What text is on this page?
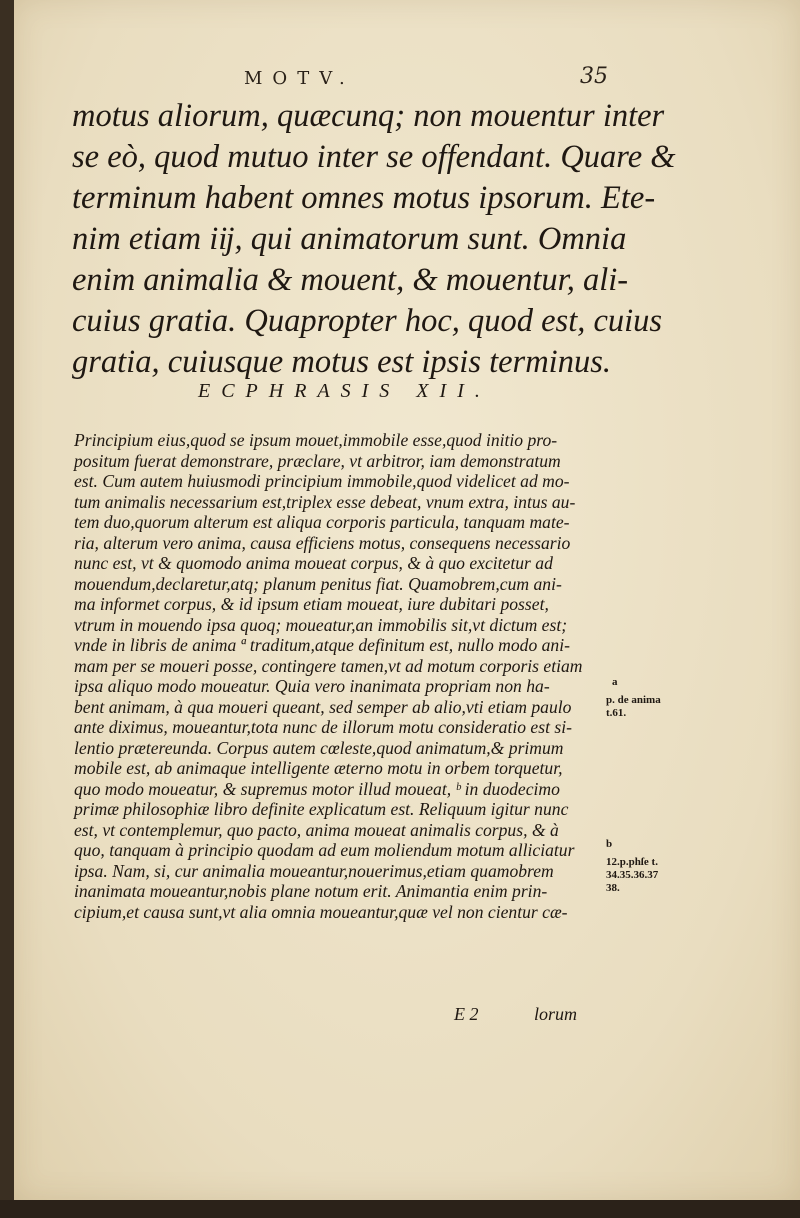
MOTV.	35
motus aliorum, quæcunq; non mouentur inter
se eò, quod mutuo inter se offendant. Quare &
terminum habent omnes motus ipsorum. Ete-
nim etiam iĳ, qui animatorum sunt. Omnia
enim animalia & mouent, & mouentur, ali-
cuius gratia. Quapropter hoc, quod est, cuius
gratia, cuiusque motus est ipsis terminus.
ECPHRASIS XII.
Principium eius,quod se ipsum mouet,immobile esse,quod initio pro-
positum fuerat demonstrare, præclare, vt arbitror, iam demonstratum
est. Cum autem huiusmodi principium immobile,quod videlicet ad mo-
tum animalis necessarium est,triplex esse debeat, vnum extra, intus au-
tem duo,quorum alterum est aliqua corporis particula, tanquam mate-
ria, alterum vero anima, causa efficiens motus, consequens necessario
nunc est, vt & quomodo anima moueat corpus, & à quo excitetur ad
mouendum,declaretur,atq; planum penitus fiat. Quamobrem,cum ani-
ma informet corpus, & id ipsum etiam moueat, iure dubitari posset,
vtrum in mouendo ipsa quoq; moueatur,an immobilis sit,vt dictum est;
vnde in libris de anima ª traditum,atque definitum est, nullo modo ani-
mam per se moueri posse, contingere tamen,vt ad motum corporis etiam
ipsa aliquo modo moueatur. Quia vero inanimata propriam non ha-
bent animam, à qua moueri queant, sed semper ab alio,vti etiam paulo
ante diximus, moueantur,tota nunc de illorum motu consideratio est si-
lentio prætereunda. Corpus autem cœleste,quod animatum,& primum
mobile est, ab animaque intelligente æterno motu in orbem torquetur,
quo modo moueatur, & supremus motor illud moueat, ᵇ in duodecimo
primæ philosophiæ libro definite explicatum est. Reliquum igitur nunc
est, vt contemplemur, quo pacto, anima moueat animalis corpus, & à
quo, tanquam à principio quodam ad eum moliendum motum alliciatur
ipsa. Nam, si, cur animalia moueantur,nouerimus,etiam quamobrem
inanimata moueantur,nobis plane notum erit. Animantia enim prin-
cipium,et causa sunt,vt alia omnia moueantur,quæ vel non cientur cæ-
a
p. de anima
t.61.
b
12.p.phſe t.
34.35.36.37
38.
E 2	lorum
